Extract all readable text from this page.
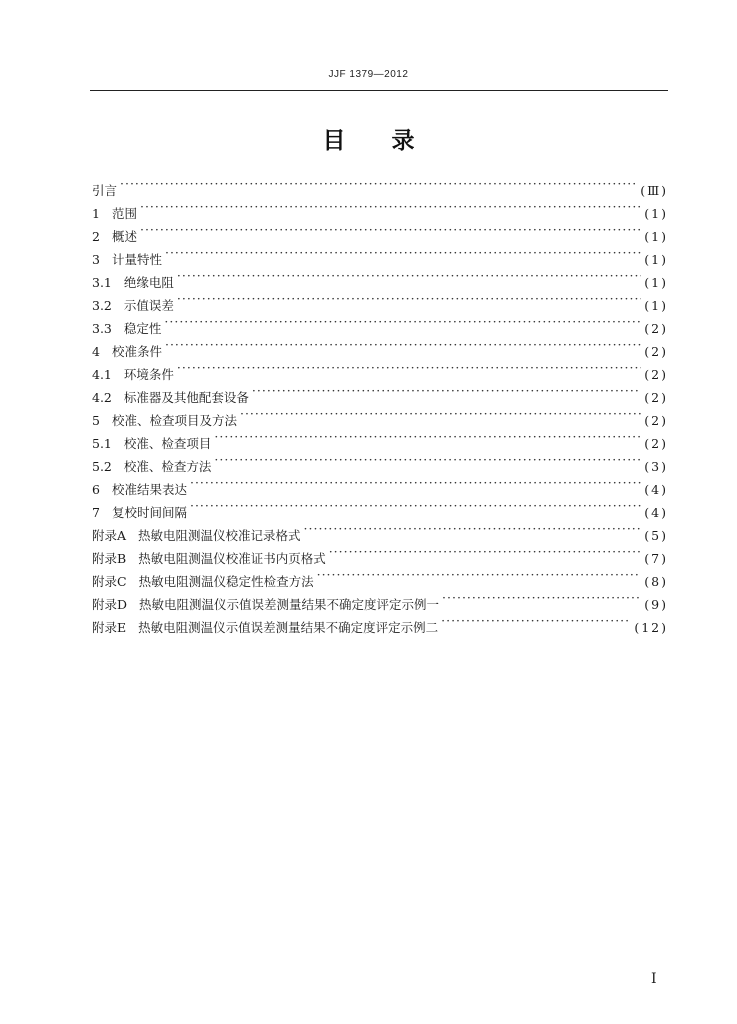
JJF 1379—2012
目录
引言 ·····	(Ⅲ)
1 范围 ·····	(1)
2 概述 ·····	(1)
3 计量特性 ·····	(1)
3.1 绝缘电阻 ·····	(1)
3.2 示值误差 ·····	(1)
3.3 稳定性 ·····	(2)
4 校准条件 ·····	(2)
4.1 环境条件 ·····	(2)
4.2 标准器及其他配套设备 ·····	(2)
5 校准、检查项目及方法 ·····	(2)
5.1 校准、检查项目 ·····	(2)
5.2 校准、检查方法 ·····	(3)
6 校准结果表达 ·····	(4)
7 复校时间间隔 ·····	(4)
附录A 热敏电阻测温仪校准记录格式 ·····	(5)
附录B 热敏电阻测温仪校准证书内页格式 ·····	(7)
附录C 热敏电阻测温仪稳定性检查方法 ·····	(8)
附录D 热敏电阻测温仪示值误差测量结果不确定度评定示例一 ·····	(9)
附录E 热敏电阻测温仪示值误差测量结果不确定度评定示例二 ·····	(12)
I
